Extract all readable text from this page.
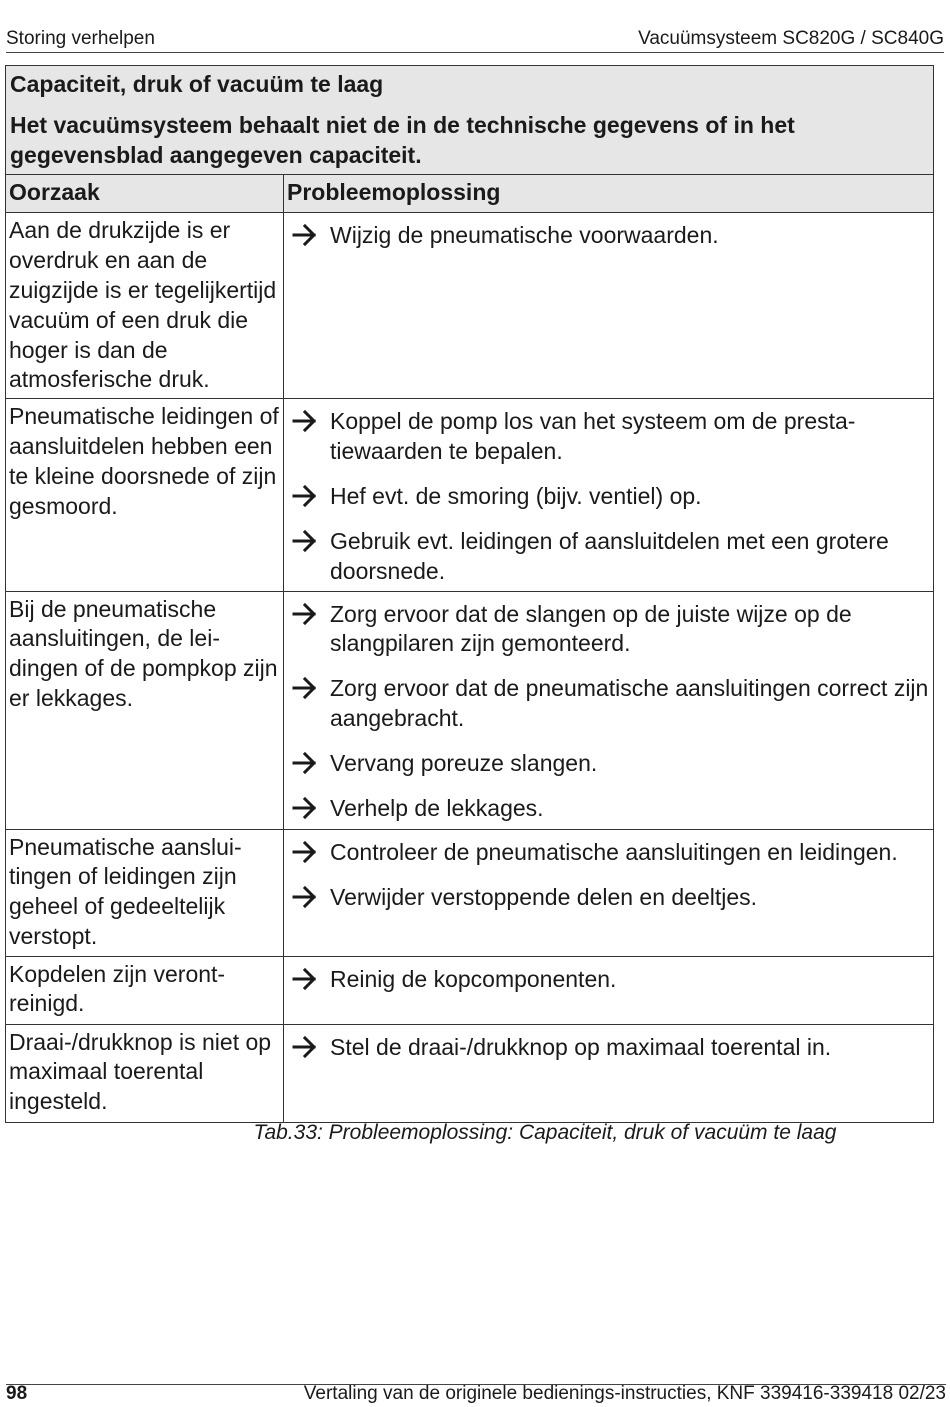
Storing verhelpen	Vacuümsysteem SC820G / SC840G
Capaciteit, druk of vacuüm te laag
Het vacuümsysteem behaalt niet de in de technische gegevens of in het gegevensblad aangegeven capaciteit.	

Oorzaak	Probleemoplossing
Aan de drukzijde is er overdruk en aan de zuigzijde is er tegelijkertijd vacuüm of een druk die hoger is dan de atmosferische druk.	Wijzig de pneumatische voorwaarden.

Pneumatische leidingen of aansluitdelen hebben een te kleine doorsnede of zijn gesmoord.	Koppel de pomp los van het systeem om de prestatiewaarden te bepalen.
Hef evt. de smoring (bijv. ventiel) op.
Gebruik evt. leidingen of aansluitdelen met een grotere doorsnede.

Bij de pneumatische aansluitingen, de leidingen of de pompkop zijn er lekkages.	Zorg ervoor dat de slangen op de juiste wijze op de slangpilaren zijn gemonteerd.
Zorg ervoor dat de pneumatische aansluitingen correct zijn aangebracht.
Vervang poreuze slangen.
Verhelp de lekkages.

Pneumatische aansluitingen of leidingen zijn geheel of gedeeltelijk verstopt.	Controleer de pneumatische aansluitingen en leidingen.
Verwijder verstoppende delen en deeltjes.

Kopdelen zijn verontreinigd.	Reinig de kopcomponenten.

Draai-/drukknop is niet op maximaal toerental ingesteld.	Stel de draai-/drukknop op maximaal toerental in.
Tab.33: Probleemoplossing: Capaciteit, druk of vacuüm te laag
98	Vertaling van de originele bedienings-instructies, KNF 339416-339418 02/23
